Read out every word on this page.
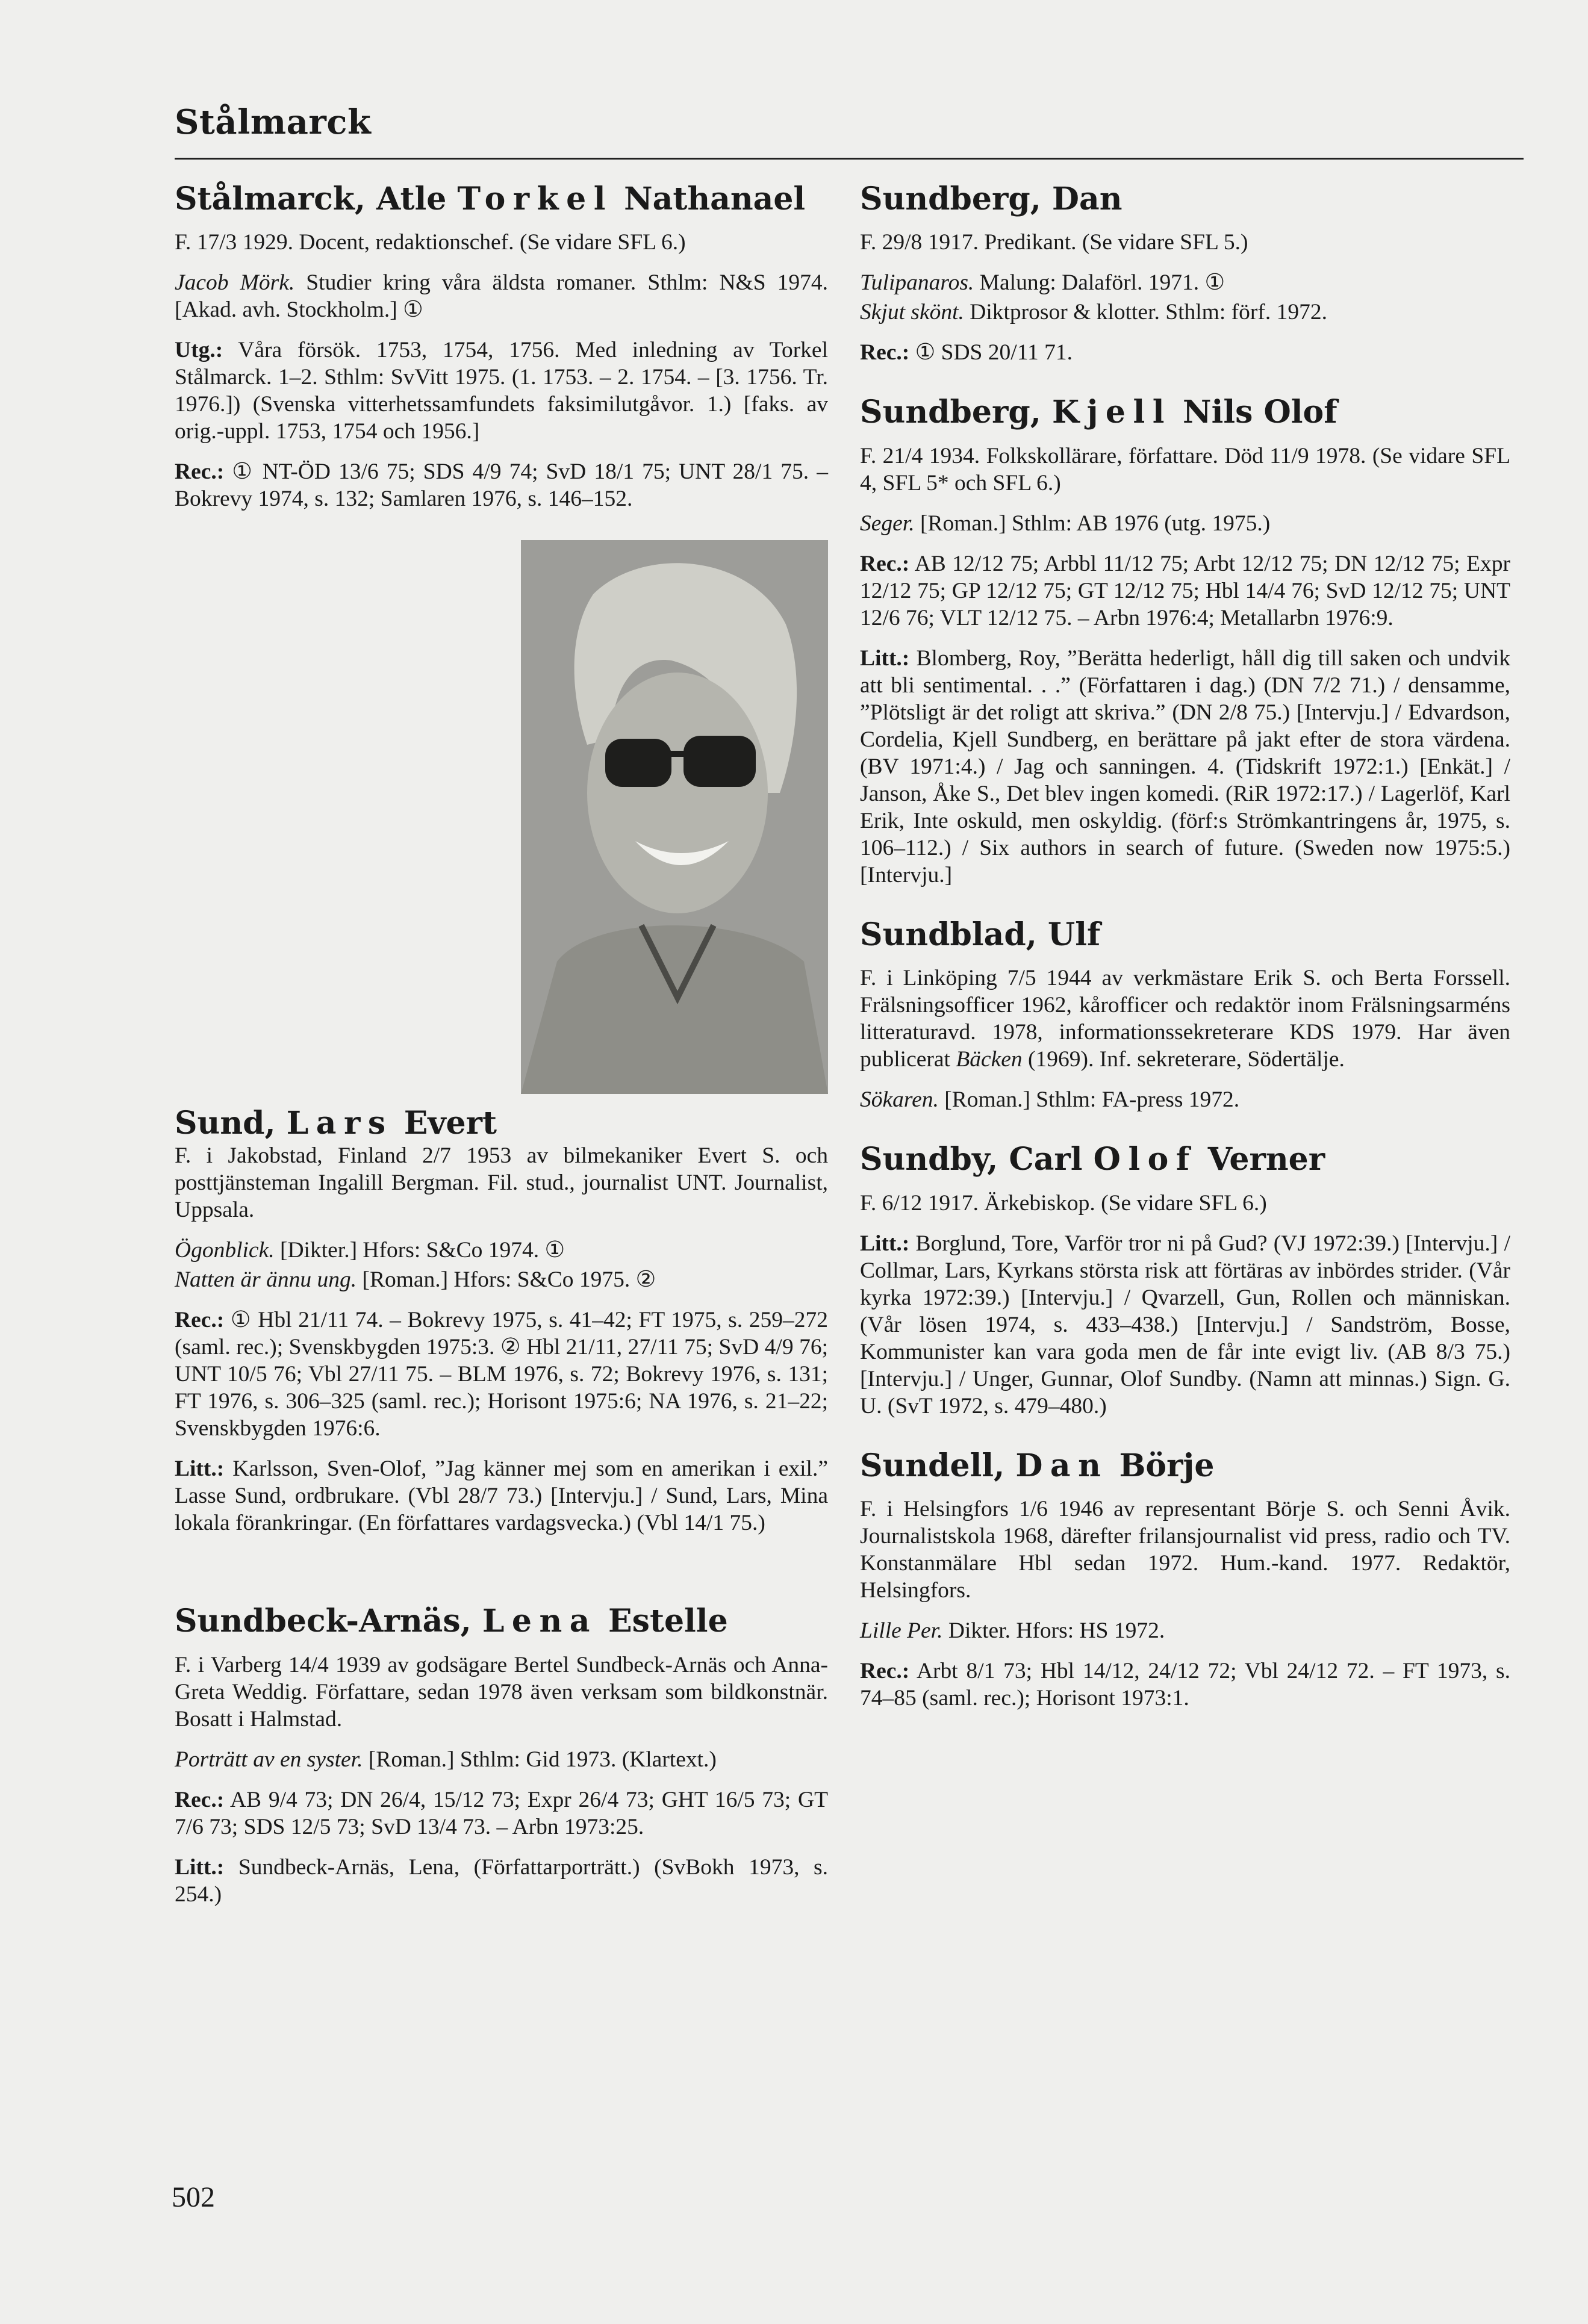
Stålmarck
Stålmarck, Atle Torkel Nathanael

F. 17/3 1929. Docent, redaktionschef. (Se vidare SFL 6.)

Jacob Mörk. Studier kring våra äldsta romaner. Sthlm: N&S 1974. [Akad. avh. Stockholm.] ①

Utg.: Våra försök. 1753, 1754, 1756. Med inledning av Torkel Stålmarck. 1–2. Sthlm: SvVitt 1975. (1. 1753. – 2. 1754. – [3. 1756. Tr. 1976.]) (Svenska vitterhetssamfundets faksimilutgåvor. 1.) [faks. av orig.-uppl. 1753, 1754 och 1956.]

Rec.: ① NT-ÖD 13/6 75; SDS 4/9 74; SvD 18/1 75; UNT 28/1 75. – Bokrevy 1974, s. 132; Samlaren 1976, s. 146–152.

Sund, Lars Evert

F. i Jakobstad, Finland 2/7 1953 av bilmekaniker Evert S. och posttjänsteman Ingalill Bergman. Fil. stud., journalist UNT. Journalist, Uppsala.

Ögonblick. [Dikter.] Hfors: S&Co 1974. ①

Natten är ännu ung. [Roman.] Hfors: S&Co 1975. ②

Rec.: ① Hbl 21/11 74. – Bokrevy 1975, s. 41–42; FT 1975, s. 259–272 (saml. rec.); Svenskbygden 1975:3. ② Hbl 21/11, 27/11 75; SvD 4/9 76; UNT 10/5 76; Vbl 27/11 75. – BLM 1976, s. 72; Bokrevy 1976, s. 131; FT 1976, s. 306–325 (saml. rec.); Horisont 1975:6; NA 1976, s. 21–22; Svenskbygden 1976:6.

Litt.: Karlsson, Sven-Olof, ”Jag känner mej som en amerikan i exil.” Lasse Sund, ordbrukare. (Vbl 28/7 73.) [Intervju.] / Sund, Lars, Mina lokala förankringar. (En författares vardagsvecka.) (Vbl 14/1 75.)

Sundbeck-Arnäs, Lena Estelle

F. i Varberg 14/4 1939 av godsägare Bertel Sundbeck-Arnäs och Anna-Greta Weddig. Författare, sedan 1978 även verksam som bildkonstnär. Bosatt i Halmstad.

Porträtt av en syster. [Roman.] Sthlm: Gid 1973. (Klartext.)

Rec.: AB 9/4 73; DN 26/4, 15/12 73; Expr 26/4 73; GHT 16/5 73; GT 7/6 73; SDS 12/5 73; SvD 13/4 73. – Arbn 1973:25.

Litt.: Sundbeck-Arnäs, Lena, (Författarporträtt.) (SvBokh 1973, s. 254.)

Sundberg, Dan

F. 29/8 1917. Predikant. (Se vidare SFL 5.)

Tulipanaros. Malung: Dalaförl. 1971. ①

Skjut skönt. Diktprosor & klotter. Sthlm: förf. 1972.

Rec.: ① SDS 20/11 71.

Sundberg, Kjell Nils Olof

F. 21/4 1934. Folkskollärare, författare. Död 11/9 1978. (Se vidare SFL 4, SFL 5* och SFL 6.)

Seger. [Roman.] Sthlm: AB 1976 (utg. 1975.)

Rec.: AB 12/12 75; Arbbl 11/12 75; Arbt 12/12 75; DN 12/12 75; Expr 12/12 75; GP 12/12 75; GT 12/12 75; Hbl 14/4 76; SvD 12/12 75; UNT 12/6 76; VLT 12/12 75. – Arbn 1976:4; Metallarbn 1976:9.

Litt.: Blomberg, Roy, ”Berätta hederligt, håll dig till saken och undvik att bli sentimental. . .” (Författaren i dag.) (DN 7/2 71.) / densamme, ”Plötsligt är det roligt att skriva.” (DN 2/8 75.) [Intervju.] / Edvardson, Cordelia, Kjell Sundberg, en berättare på jakt efter de stora värdena. (BV 1971:4.) / Jag och sanningen. 4. (Tidskrift 1972:1.) [Enkät.] / Janson, Åke S., Det blev ingen komedi. (RiR 1972:17.) / Lagerlöf, Karl Erik, Inte oskuld, men oskyldig. (förf:s Strömkantringens år, 1975, s. 106–112.) / Six authors in search of future. (Sweden now 1975:5.) [Intervju.]

Sundblad, Ulf

F. i Linköping 7/5 1944 av verkmästare Erik S. och Berta Forssell. Frälsningsofficer 1962, kårofficer och redaktör inom Frälsningsarméns litteraturavd. 1978, informationssekreterare KDS 1979. Har även publicerat Bäcken (1969). Inf. sekreterare, Södertälje.

Sökaren. [Roman.] Sthlm: FA-press 1972.

Sundby, Carl Olof Verner

F. 6/12 1917. Ärkebiskop. (Se vidare SFL 6.)

Litt.: Borglund, Tore, Varför tror ni på Gud? (VJ 1972:39.) [Intervju.] / Collmar, Lars, Kyrkans största risk att förtäras av inbördes strider. (Vår kyrka 1972:39.) [Intervju.] / Qvarzell, Gun, Rollen och människan. (Vår lösen 1974, s. 433–438.) [Intervju.] / Sandström, Bosse, Kommunister kan vara goda men de får inte evigt liv. (AB 8/3 75.) [Intervju.] / Unger, Gunnar, Olof Sundby. (Namn att minnas.) Sign. G. U. (SvT 1972, s. 479–480.)

Sundell, Dan Börje

F. i Helsingfors 1/6 1946 av representant Börje S. och Senni Åvik. Journalistskola 1968, därefter frilansjournalist vid press, radio och TV. Konstanmälare Hbl sedan 1972. Hum.-kand. 1977. Redaktör, Helsingfors.

Lille Per. Dikter. Hfors: HS 1972.

Rec.: Arbt 8/1 73; Hbl 14/12, 24/12 72; Vbl 24/12 72. – FT 1973, s. 74–85 (saml. rec.); Horisont 1973:1.

502
